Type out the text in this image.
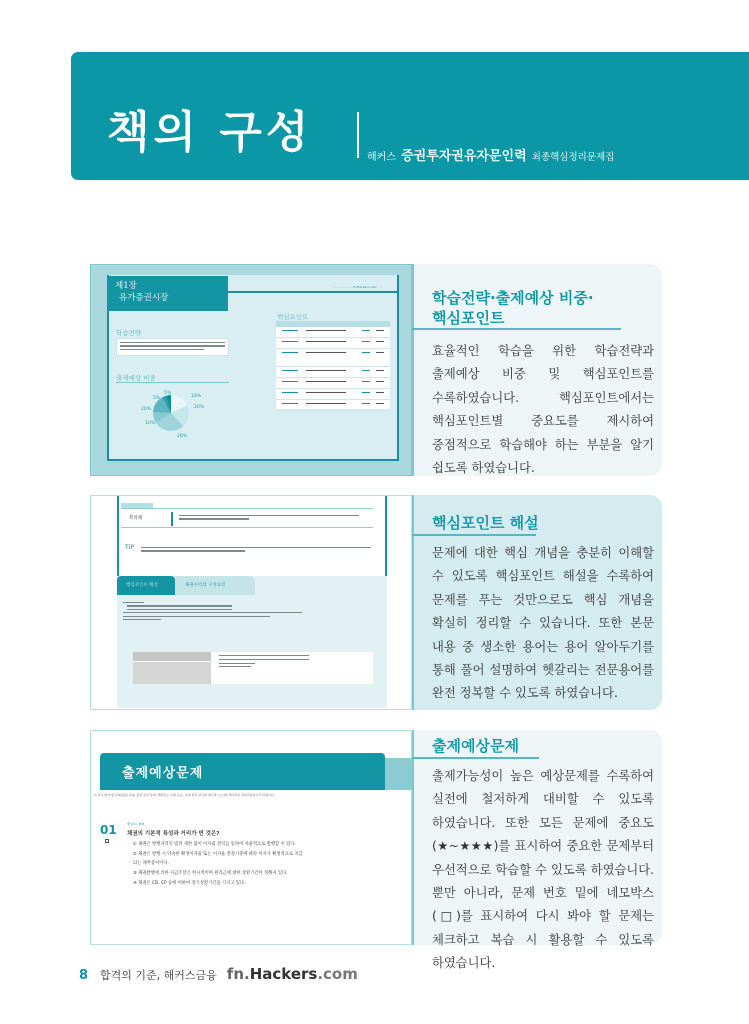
책의 구성	해커스 증권투자권유자문인력 최종핵심정리문제집
제1장
유가증권시장
··· ········· ····· fn.Hackers.com
학습전략
출제예상 비중
5%
5%	18%
20%
20%
10%
28%
핵심포인트
학습전략·출제예상 비중·
핵심포인트
효율적인 학습을 위한 학습전략과 출제예상 비중 및 핵심포인트를 수록하였습니다. 핵심포인트에서는 핵심포인트별 중요도를 제시하여 중점적으로 학습해야 하는 부분을 알기 쉽도록 하였습니다.
복리채
TIP
핵심포인트 해설	채권수익의 구성요인
핵심포인트 해설
문제에 대한 핵심 개념을 충분히 이해할 수 있도록 핵심포인트 해설을 수록하여 문제를 푸는 것만으로도 핵심 개념을 확실히 정리할 수 있습니다. 또한 본문 내용 중 생소한 용어는 용어 알아두기를 통해 풀어 설명하여 헷갈리는 전문용어를 완전 정복할 수 있도록 하였습니다.
출제예상문제
☑ 다시 봐야 할 문제(틀린 문제, 풀지 못한 문제, 헷갈리는 문제 등)는 문제 번호 하단의 네모박스(□)에 체크하여 반복학습하시기 바랍니다.
01	중요도 ★★
채권의 기본적 특성과 거리가 먼 것은?
① 채권은 발행자격의 법적 제한 없이 이사회 결의를 통하여 자율적으로 발행할 수 있다.
② 채권은 발행 시 약속한 확정이자율 또는 이자율 결정기준에 따라 이자가 확정적으로 지급
되는 채무증서이다.
③ 채권발행에 의한 자금조달은 한시적이며 원리금에 대한 상환기간이 정해져 있다.
④ 채권은 CD, CP 등에 비하여 장기상환기간을 가지고 있다.
출제예상문제
출제가능성이 높은 예상문제를 수록하여 실전에 철저하게 대비할 수 있도록 하였습니다. 또한 모든 문제에 중요도(★~★★★)를 표시하여 중요한 문제부터 우선적으로 학습할 수 있도록 하였습니다. 뿐만 아니라, 문제 번호 밑에 네모박스(□)를 표시하여 다시 봐야 할 문제는 체크하고 복습 시 활용할 수 있도록 하였습니다.
8 합격의 기준, 해커스금융 fn. Hackers .com
